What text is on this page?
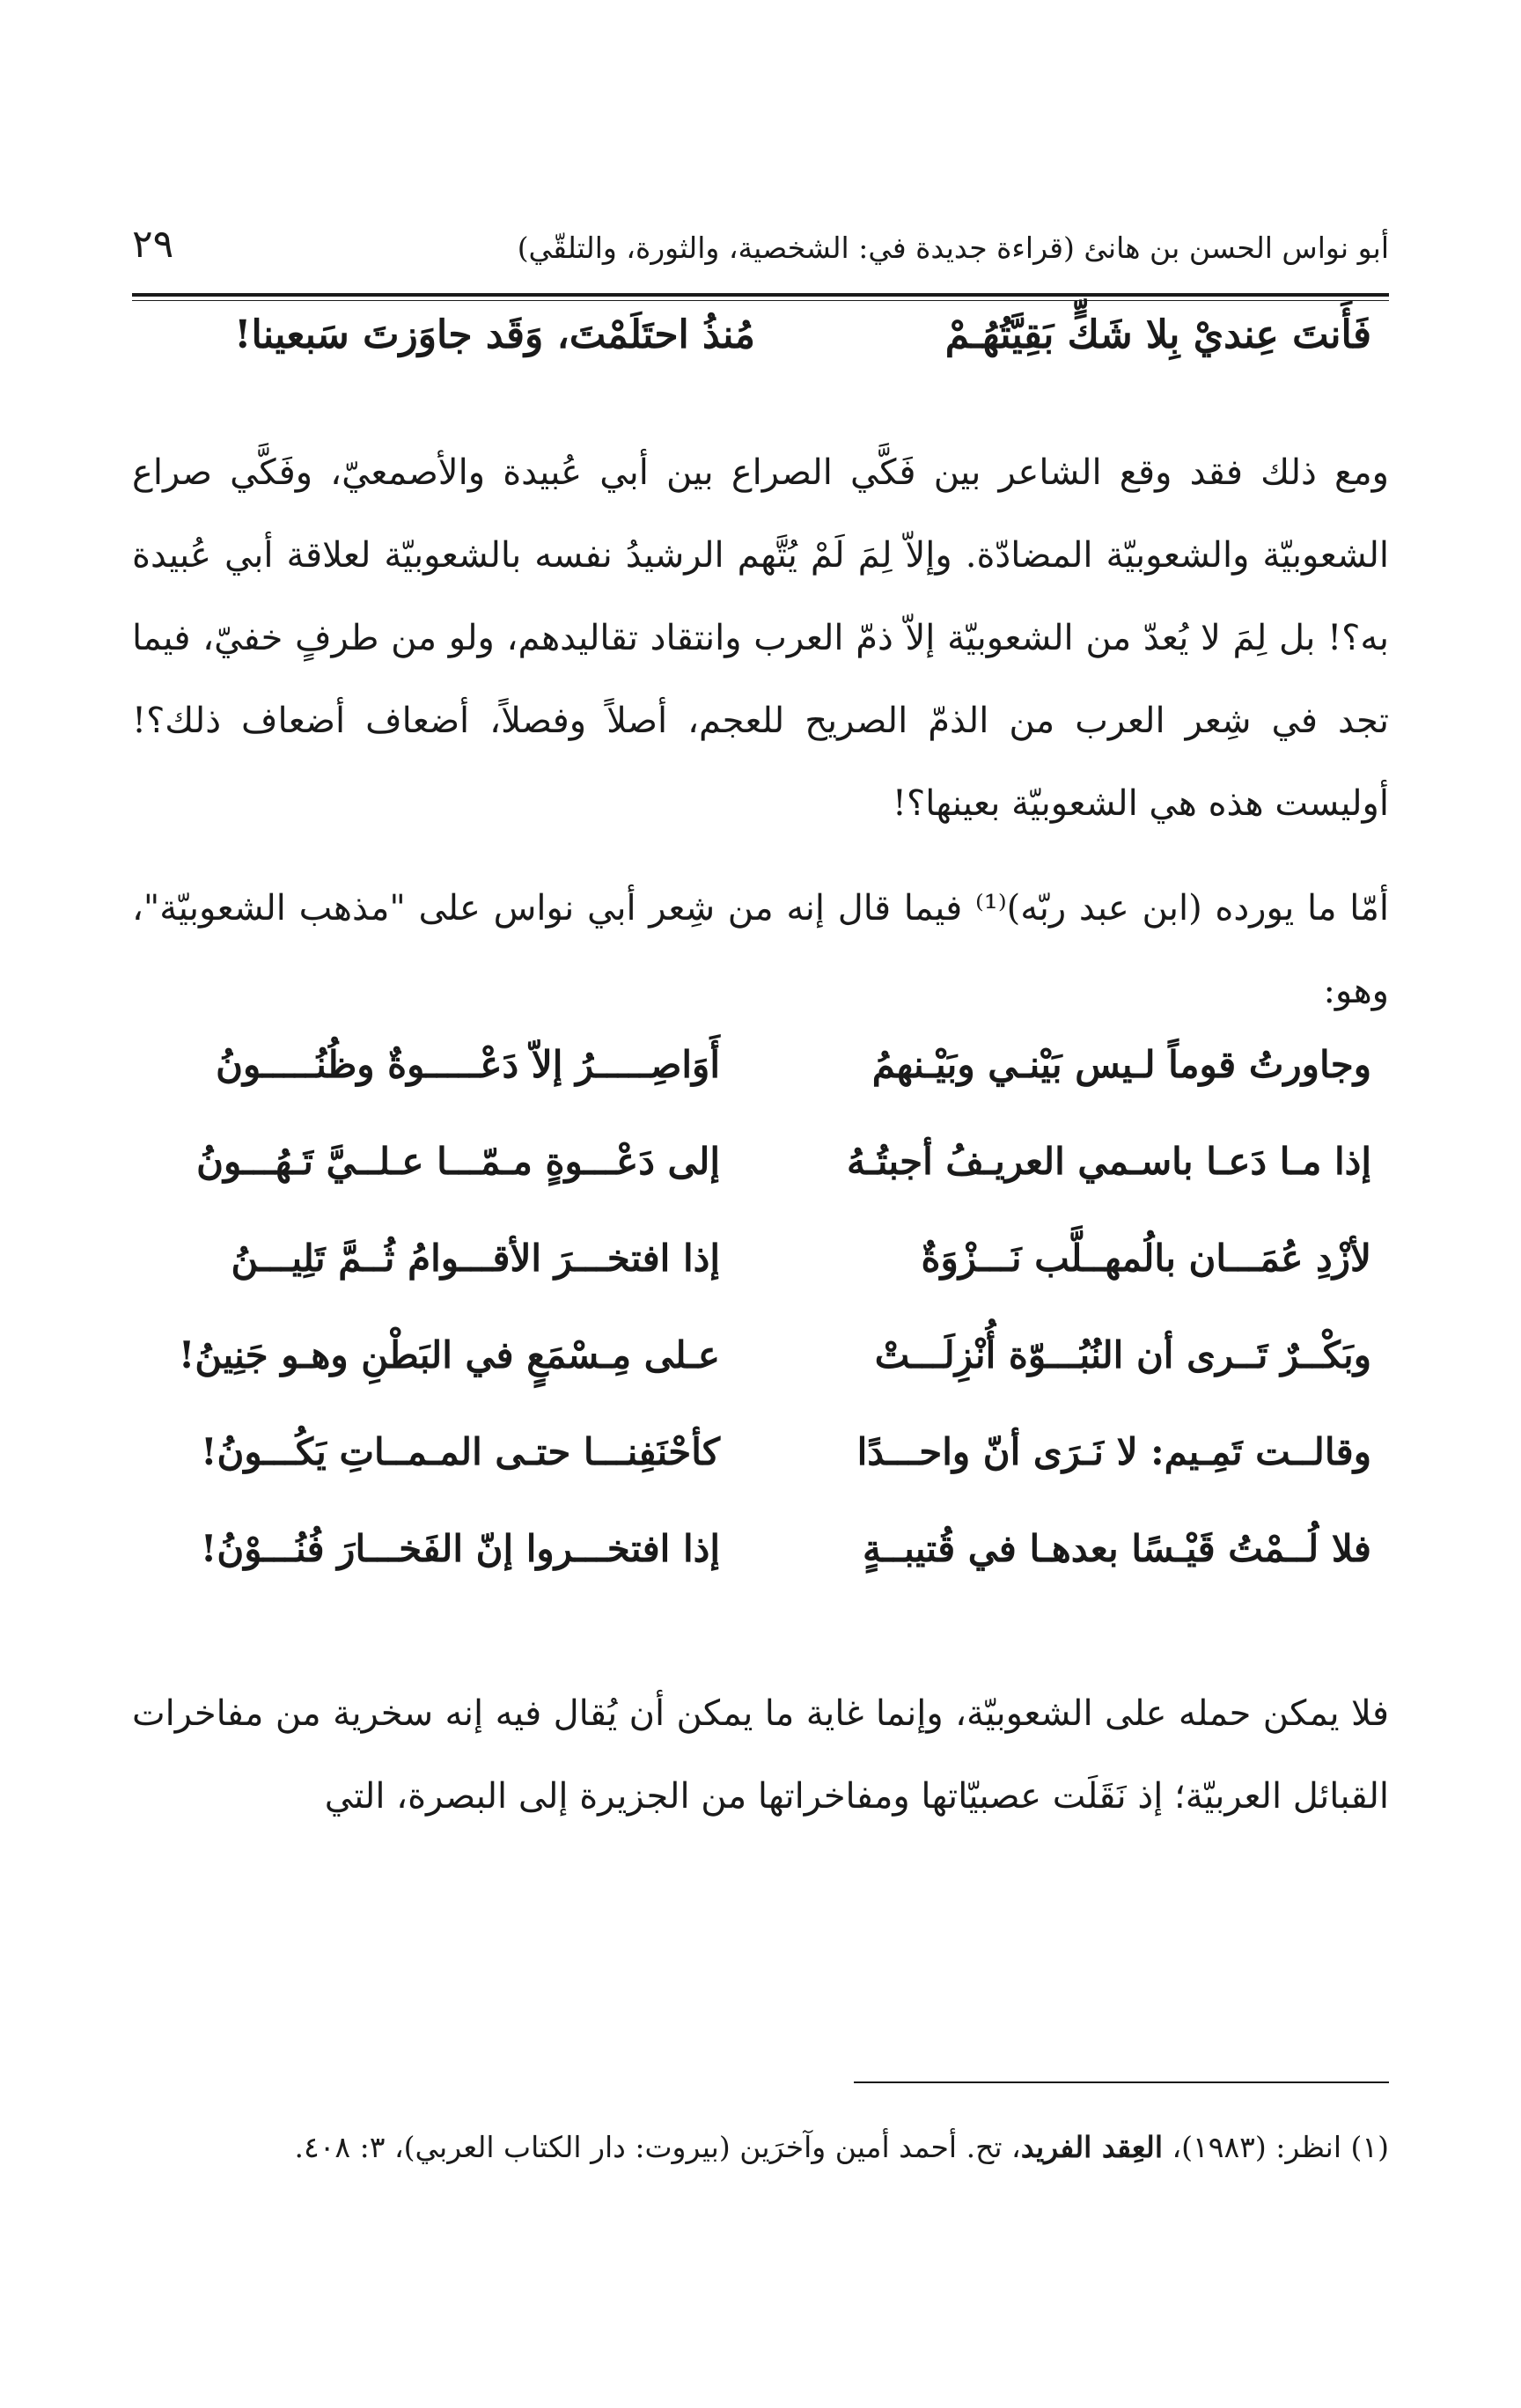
أبو نواس الحسن بن هانئ (قراءة جديدة في: الشخصية، والثورة، والتلقّي)
٢٩
فَأَنتَ عِنديْ بِلا شَكٍّ بَقِيَّتُهُـمْ
مُنذُ احتَلَمْتَ، وَقَد جاوَزتَ سَبعينا!
ومع ذلك فقد وقع الشاعر بين فَكَّي الصراع بين أبي عُبيدة والأصمعيّ، وفَكَّي صراع الشعوبيّة والشعوبيّة المضادّة. وإلاّ لِمَ لَمْ يُتَّهم الرشيدُ نفسه بالشعوبيّة لعلاقة أبي عُبيدة به؟! بل لِمَ لا يُعدّ من الشعوبيّة إلاّ ذمّ العرب وانتقاد تقاليدهم، ولو من طرفٍ خفيّ، فيما تجد في شِعر العرب من الذمّ الصريح للعجم، أصلاً وفصلاً، أضعاف أضعاف ذلك؟! أوليست هذه هي الشعوبيّة بعينها؟!
أمّا ما يورده (ابن عبد ربّه)⁽¹⁾ فيما قال إنه من شِعر أبي نواس على "مذهب الشعوبيّة"، وهو:
وجاورتُ قوماً لـيس بَيْنـي وبَيْـنهمُ
أَوَاصِـــــرُ إلاّ دَعْـــــوةٌ وظُنُـــــونُ
إذا مـا دَعـا باسـمي العريـفُ أجبتُـهُ
إلى دَعْـــوةٍ مـمّـــا عـلــيَّ تَـهُـــونُ
لأزْدِ عُمَـــان بالُمهــلَّب نَـــزْوَةٌ
إذا افتخـــرَ الأقـــوامُ ثُــمَّ تَلِيـــنُ
وبَكْــرٌ تَــرى أن النُبُـــوّة أُنْزِلَـــتْ
عـلى مِـسْمَعٍ في البَطْنِ وهـو جَنِينُ!
وقالــت تَمِـيم: لا نَـرَى أنّ واحـــدًا
كأحْنَفِنـــا حتـى المـمــاتِ يَكُـــونُ!
فلا لُــمْتُ قَيْـسًا بعدهـا في قُتيبــةٍ
إذا افتخـــروا إنّ الفَخـــارَ فُنُـــوْنُ!
فلا يمكن حمله على الشعوبيّة، وإنما غاية ما يمكن أن يُقال فيه إنه سخرية من مفاخرات القبائل العربيّة؛ إذ نَقَلَت عصبيّاتها ومفاخراتها من الجزيرة إلى البصرة، التي
(١) انظر: (١٩٨٣)، العِقد الفريد، تح. أحمد أمين وآخرَين (بيروت: دار الكتاب العربي)، ٣: ٤٠٨.
